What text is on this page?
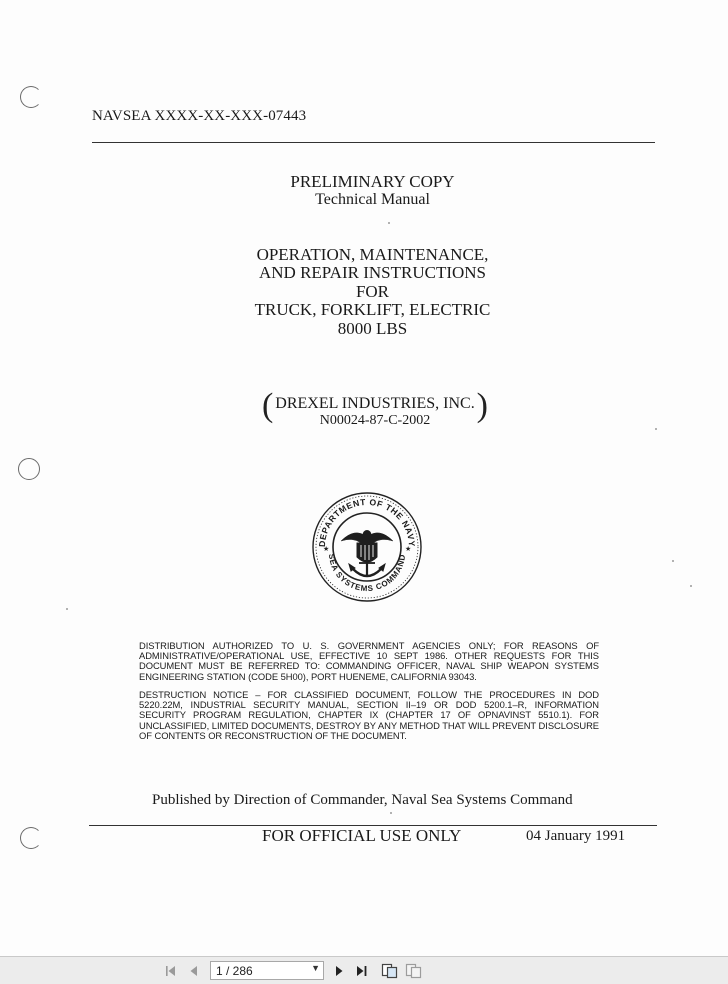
NAVSEA XXXX-XX-XXX-07443
PRELIMINARY COPY
Technical Manual
OPERATION, MAINTENANCE,
AND REPAIR INSTRUCTIONS
FOR
TRUCK, FORKLIFT, ELECTRIC
8000 LBS
( DREXEL INDUSTRIES, INC.
N00024-87-C-2002	)
DEPARTMENT OF THE NAVY
SEA SYSTEMS COMMAND
★	★
DISTRIBUTION AUTHORIZED TO U. S. GOVERNMENT AGENCIES ONLY; FOR REASONS OF ADMINISTRATIVE/OPERATIONAL USE, EFFECTIVE 10 SEPT 1986. OTHER REQUESTS FOR THIS DOCUMENT MUST BE REFERRED TO: COMMANDING OFFICER, NAVAL SHIP WEAPON SYSTEMS ENGINEERING STATION (CODE 5H00), PORT HUENEME, CALIFORNIA 93043.
DESTRUCTION NOTICE – FOR CLASSIFIED DOCUMENT, FOLLOW THE PROCEDURES IN DOD 5220.22M, INDUSTRIAL SECURITY MANUAL, SECTION II–19 OR DOD 5200.1–R, INFORMATION SECURITY PROGRAM REGULATION, CHAPTER IX (CHAPTER 17 OF OPNAVINST 5510.1). FOR UNCLASSIFIED, LIMITED DOCUMENTS, DESTROY BY ANY METHOD THAT WILL PREVENT DISCLOSURE OF CONTENTS OR RECONSTRUCTION OF THE DOCUMENT.
Published by Direction of Commander, Naval Sea Systems Command
FOR OFFICIAL USE ONLY	04 January 1991
1 / 286	▼
